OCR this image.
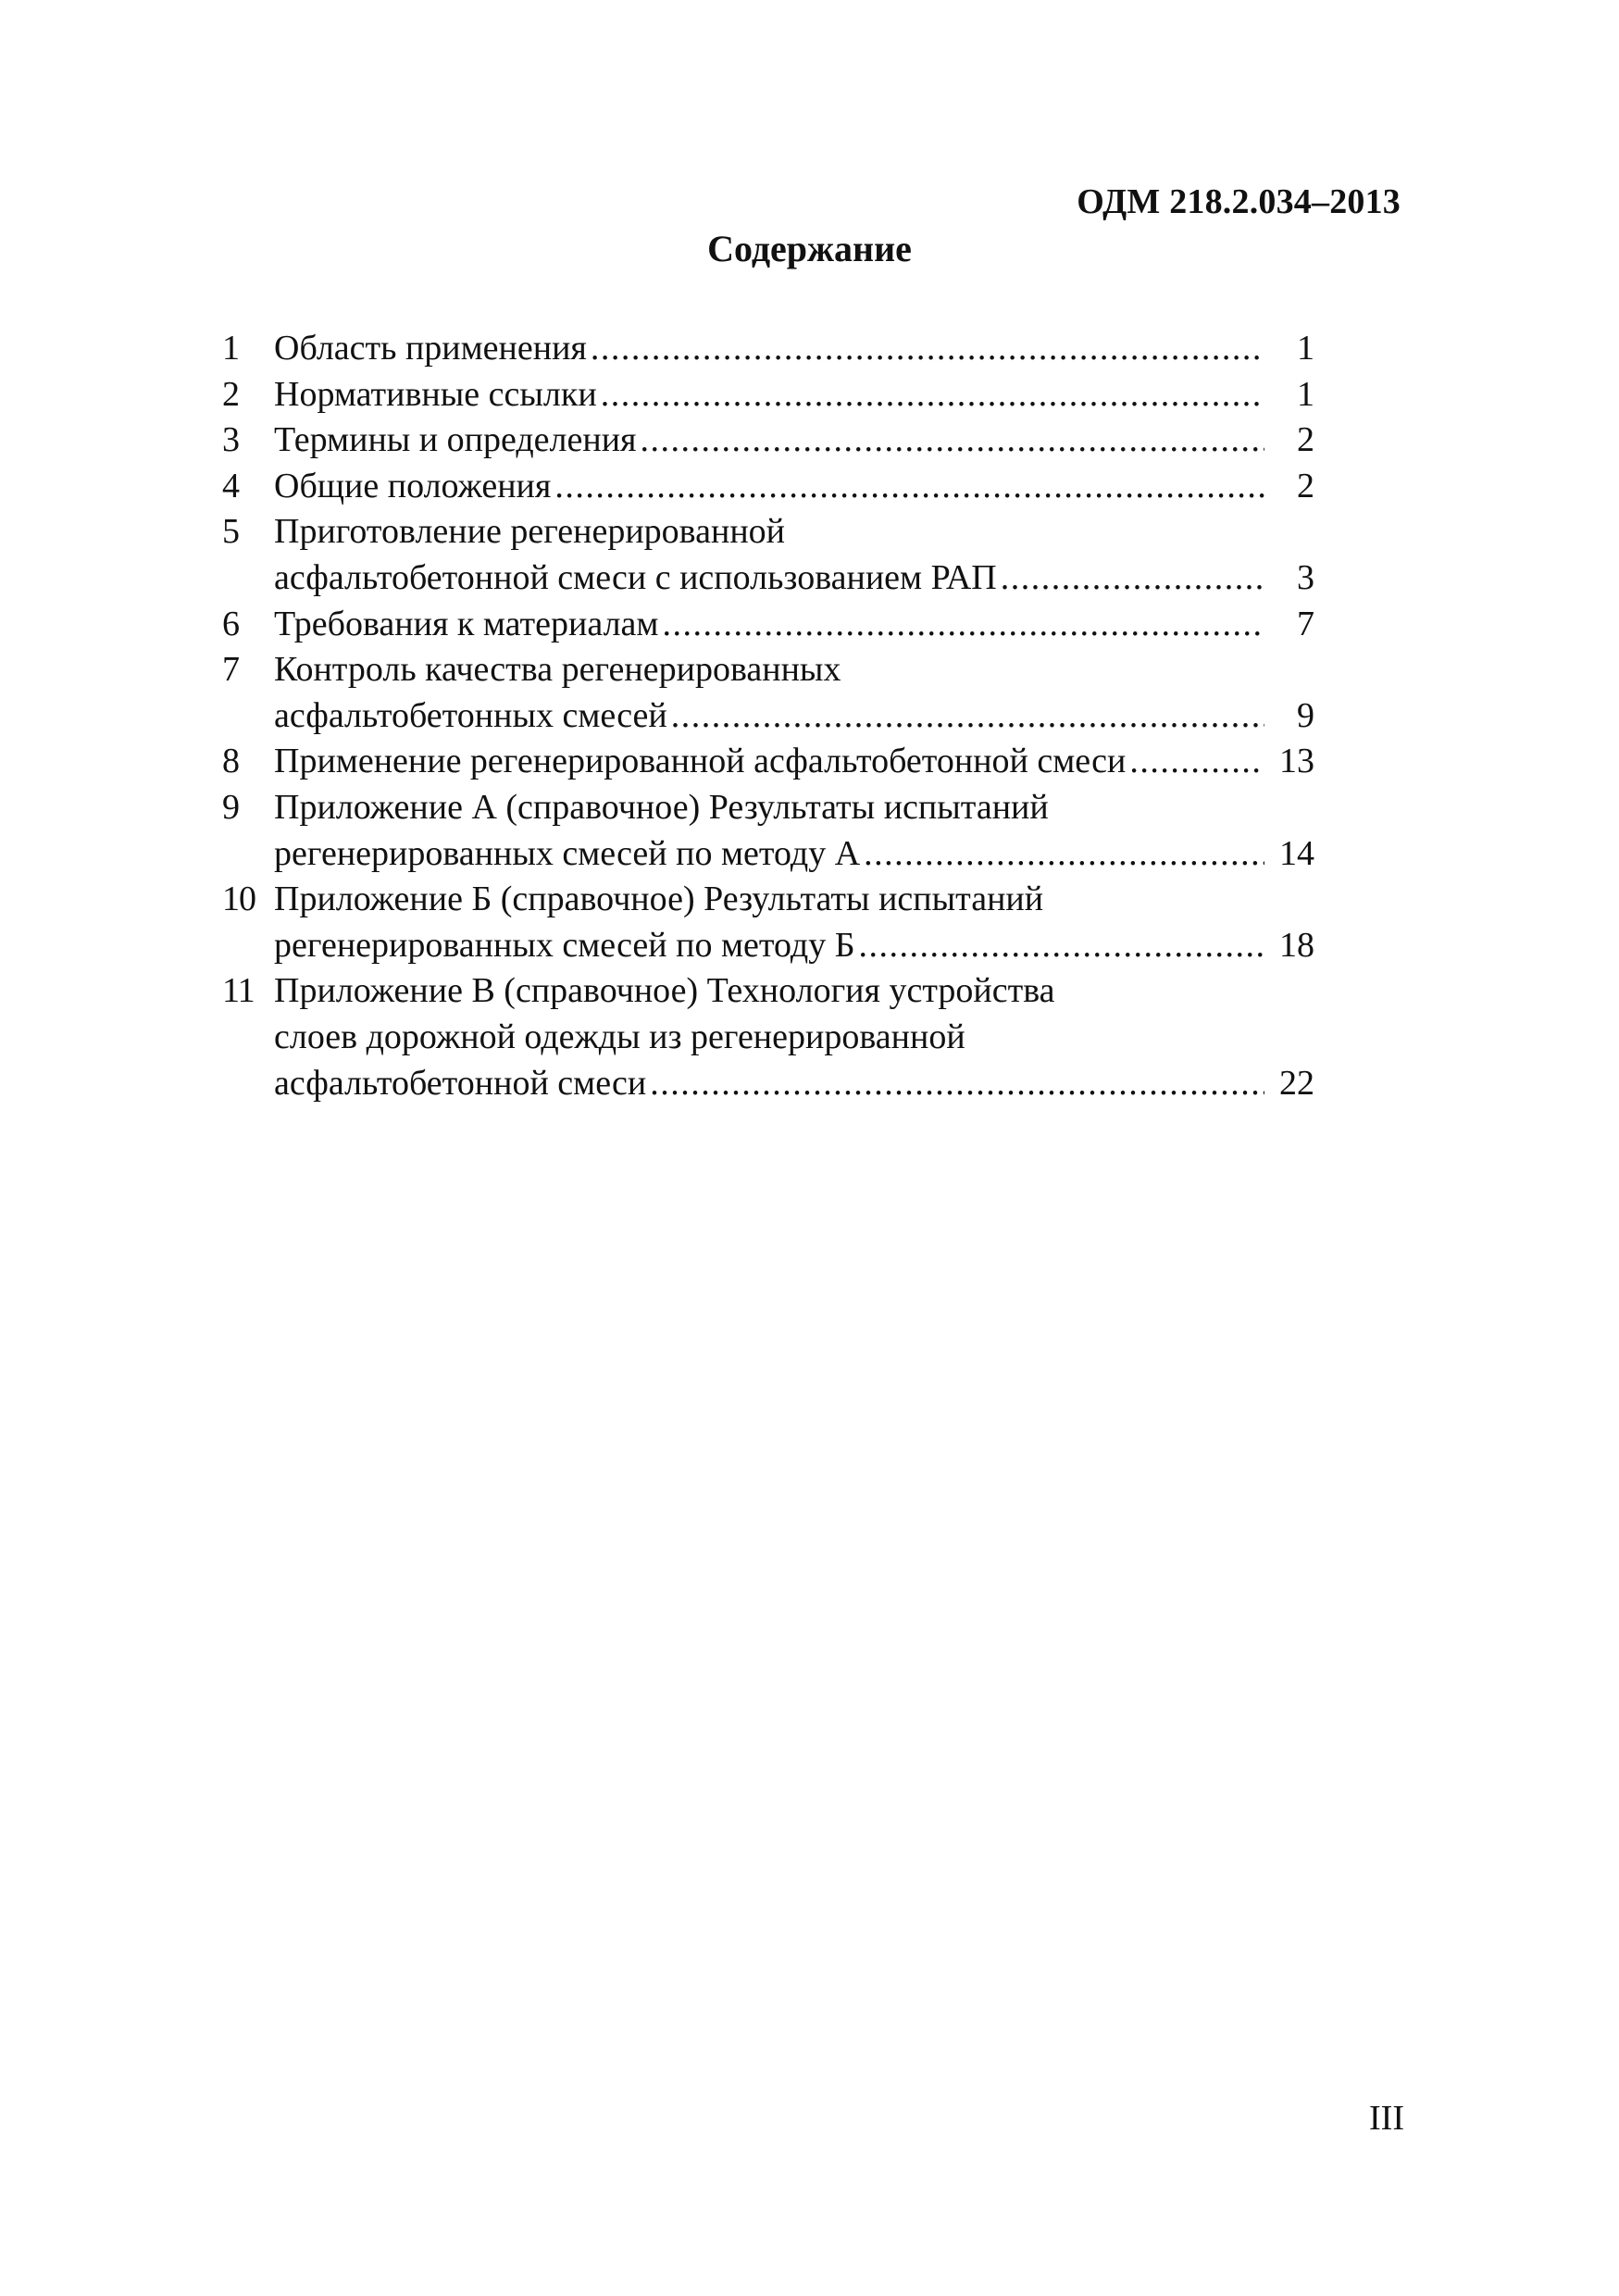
ОДМ 218.2.034–2013
Содержание
1 Область применения .....	1
2 Нормативные ссылки .....	1
3 Термины и определения .....	2
4 Общие положения .....	2
5 Приготовление регенерированной
асфальтобетонной смеси с использованием РАП .....	3
6 Требования к материалам .....	7
7 Контроль качества регенерированных
асфальтобетонных смесей .....	9
8 Применение регенерированной асфальтобетонной смеси .....	13
9 Приложение А (справочное) Результаты испытаний
регенерированных смесей по методу А .....	14
10 Приложение Б (справочное) Результаты испытаний
регенерированных смесей по методу Б .....	18
11 Приложение В (справочное) Технология устройства
слоев дорожной одежды из регенерированной
асфальтобетонной смеси .....	22
III
